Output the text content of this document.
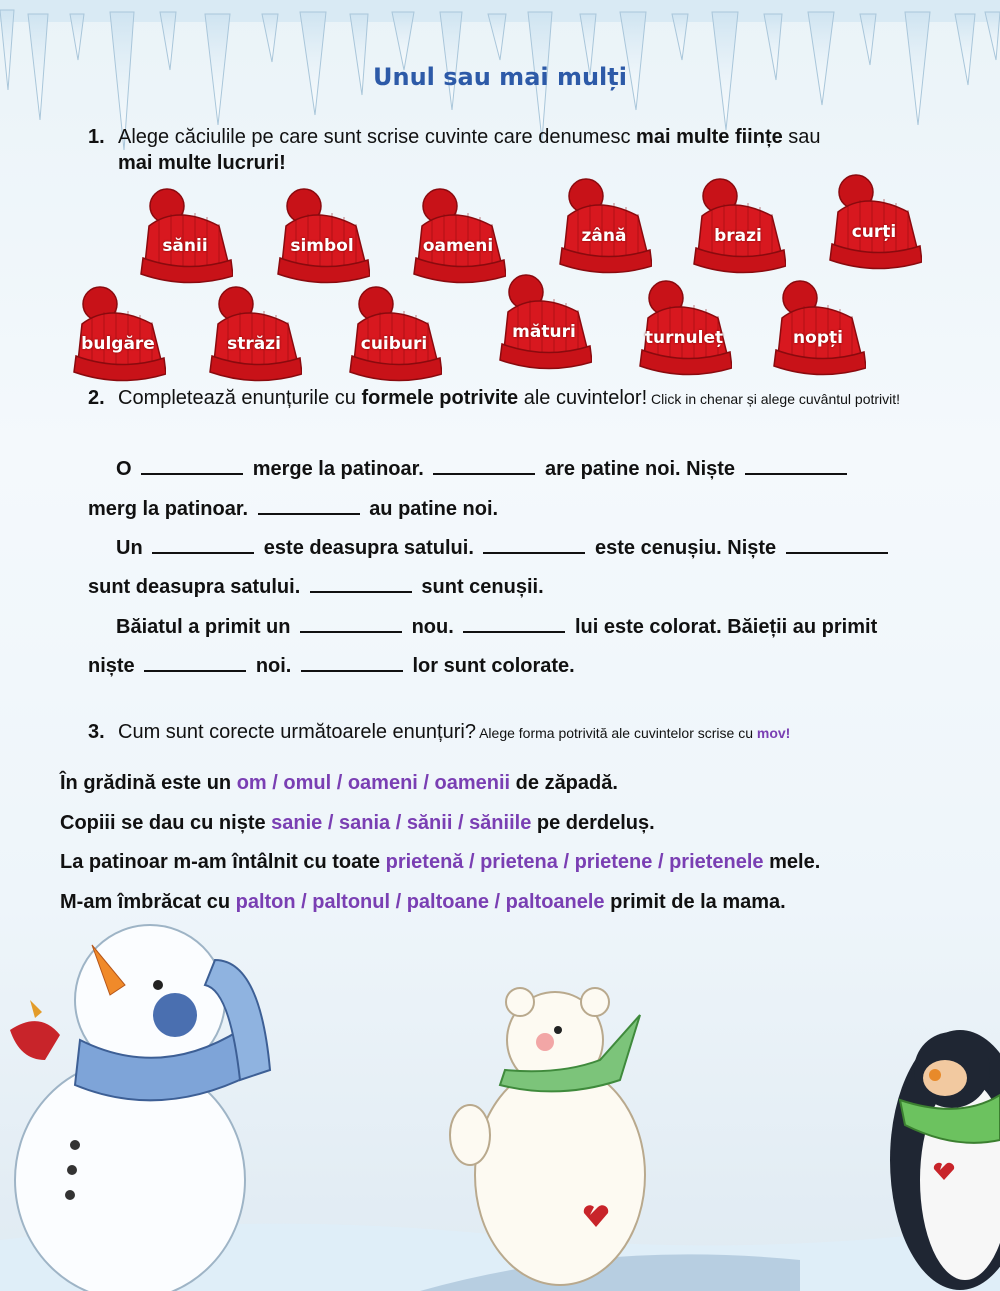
Unul sau mai mulți
1. Alege căciulile pe care sunt scrise cuvinte care denumesc mai multe ființe sau
mai multe lucruri!
sănii	simbol	oameni	zână	brazi	curți
bulgăre	străzi	cuiburi
mături	turnuleț	nopți
2. Completează enunțurile cu formele potrivite ale cuvintelor! Click in chenar și alege cuvântul potrivit!
O	merge la patinoar.	are patine noi. Niște
merg la patinoar.	au patine noi.
Un	este deasupra satului.	este cenușiu. Niște
sunt deasupra satului.	sunt cenușii.
Băiatul a primit un	nou.	lui este colorat. Băieții au primit
niște	noi.	lor sunt colorate.
3. Cum sunt corecte următoarele enunțuri? Alege forma potrivită ale cuvintelor scrise cu mov!
În grădină este un om / omul / oameni / oamenii de zăpadă.
Copiii se dau cu niște sanie / sania / sănii / săniile pe derdeluș.
La patinoar m-am întâlnit cu toate prietenă / prietena / prietene / prietenele mele.
M-am îmbrăcat cu palton / paltonul / paltoane / paltoanele primit de la mama.
